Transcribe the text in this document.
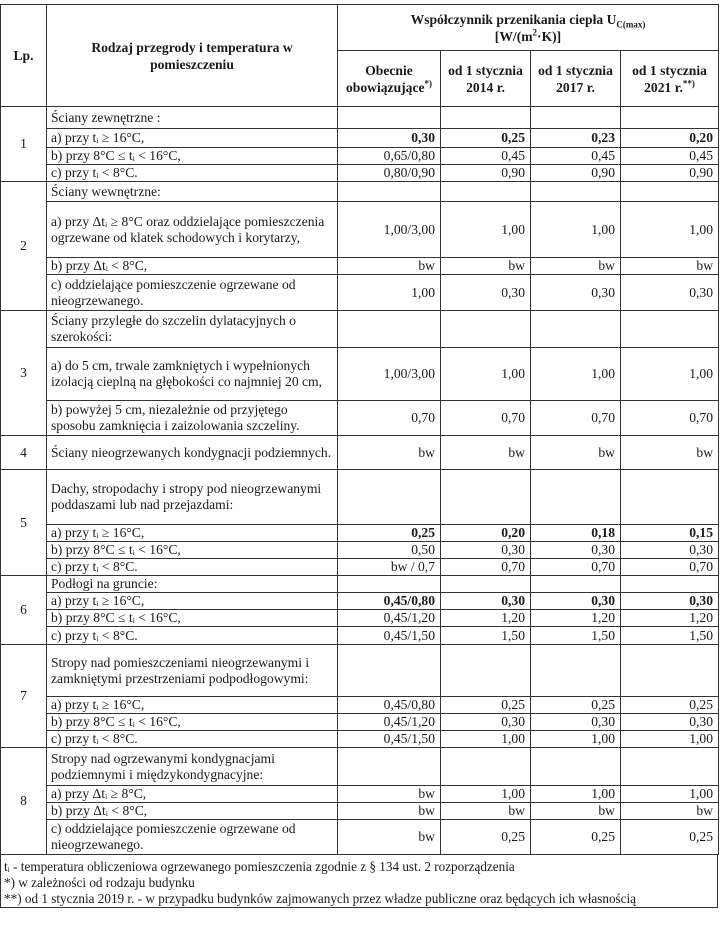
Lp.	Rodzaj przegrody i temperatura w pomieszczeniu	Współczynnik przenikania ciepła $U_{C(max)}$
$[W/(m^2\cdot K)]$			
		Obecnie obowiązujące*)	od 1 stycznia 2014 r.	od 1 stycznia 2017 r.	od 1 stycznia 2021 r.**)
1	Ściany zewnętrzne :				
	a) przy tᵢ ≥ 16°C,	0,30	0,25	0,23	0,20
	b) przy 8°C ≤ tᵢ < 16°C,	0,65/0,80	0,45	0,45	0,45
	c) przy tᵢ < 8°C.	0,80/0,90	0,90	0,90	0,90
2	Ściany wewnętrzne:				
	a) przy Δtᵢ ≥ 8°C oraz oddzielające pomieszczenia ogrzewane od klatek schodowych i korytarzy,	1,00/3,00	1,00	1,00	1,00
	b) przy Δtᵢ < 8°C,	bw	bw	bw	bw
	c) oddzielające pomieszczenie ogrzewane od nieogrzewanego.	1,00	0,30	0,30	0,30
3	Ściany przyległe do szczelin dylatacyjnych o szerokości:				
	a) do 5 cm, trwale zamkniętych i wypełnionych izolacją cieplną na głębokości co najmniej 20 cm,	1,00/3,00	1,00	1,00	1,00
	b) powyżej 5 cm, niezależnie od przyjętego sposobu zamknięcia i zaizolowania szczeliny.	0,70	0,70	0,70	0,70
4	Ściany nieogrzewanych kondygnacji podziemnych.	bw	bw	bw	bw
5	Dachy, stropodachy i stropy pod nieogrzewanymi poddaszami lub nad przejazdami:				
	a) przy tᵢ ≥ 16°C,	0,25	0,20	0,18	0,15
	b) przy 8°C ≤ tᵢ < 16°C,	0,50	0,30	0,30	0,30
	c) przy tᵢ < 8°C.	bw / 0,7	0,70	0,70	0,70
6	Podłogi na gruncie:				
	a) przy tᵢ ≥ 16°C,	0,45/0,80	0,30	0,30	0,30
	b) przy 8°C ≤ tᵢ < 16°C,	0,45/1,20	1,20	1,20	1,20
	c) przy tᵢ < 8°C.	0,45/1,50	1,50	1,50	1,50
7	Stropy nad pomieszczeniami nieogrzewanymi i zamkniętymi przestrzeniami podpodłogowymi:				
	a) przy tᵢ ≥ 16°C,	0,45/0,80	0,25	0,25	0,25
	b) przy 8°C ≤ tᵢ < 16°C,	0,45/1,20	0,30	0,30	0,30
	c) przy tᵢ < 8°C.	0,45/1,50	1,00	1,00	1,00
8	Stropy nad ogrzewanymi kondygnacjami podziemnymi i międzykondygnacyjne:				
	a) przy Δtᵢ ≥ 8°C,	bw	1,00	1,00	1,00
	b) przy Δtᵢ < 8°C,	bw	bw	bw	bw
	c) oddzielające pomieszczenie ogrzewane od nieogrzewanego.	bw	0,25	0,25	0,25
tᵢ - temperatura obliczeniowa ogrzewanego pomieszczenia zgodnie z § 134 ust. 2 rozporządzenia
*) w zależności od rodzaju budynku
**) od 1 stycznia 2019 r. - w przypadku budynków zajmowanych przez władze publiczne oraz będących ich własnością
